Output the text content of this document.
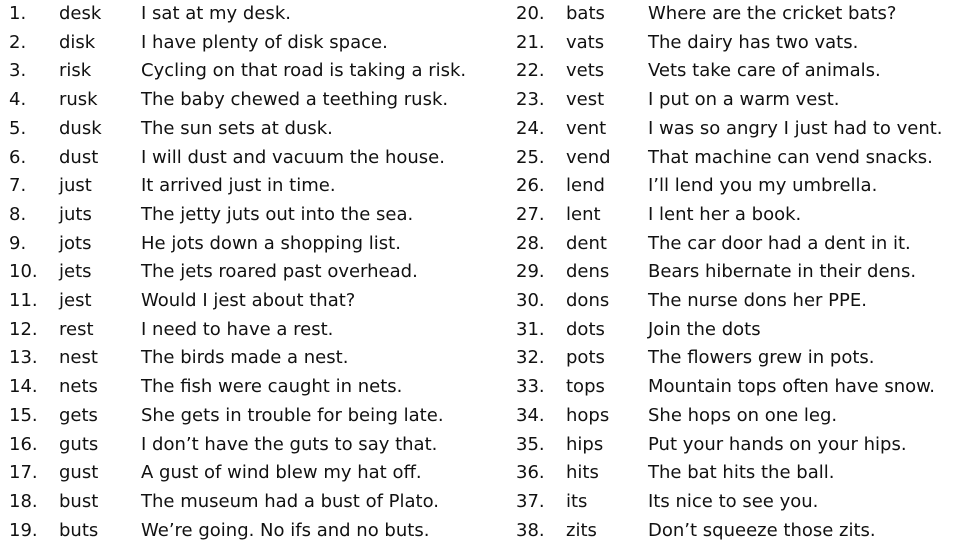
1. desk I sat at my desk.
2. disk	I have plenty of disk space.
3. risk	Cycling on that road is taking a risk.
4. rusk The baby chewed a teething rusk.
5. dusk The sun sets at dusk.
6. dust I will dust and vacuum the house.
7. just	It arrived just in time.
8. juts	The jetty juts out into the sea.
9. jots	He jots down a shopping list.
10. jets	The jets roared past overhead.
11. jest	Would I jest about that?
12. rest	I need to have a rest.
13. nest The birds made a nest.
14. nets The fish were caught in nets.
15. gets She gets in trouble for being late.
16. guts I don’t have the guts to say that.
17. gust A gust of wind blew my hat off.
18. bust The museum had a bust of Plato.
19. buts We’re going. No ifs and no buts.
20. bats Where are the cricket bats?
21. vats The dairy has two vats.
22. vets Vets take care of animals.
23. vest I put on a warm vest.
24. vent I was so angry I just had to vent.
25. vend That machine can vend snacks.
26. lend I’ll lend you my umbrella.
27. lent	I lent her a book.
28. dent The car door had a dent in it.
29. dens Bears hibernate in their dens.
30. dons The nurse dons her PPE.
31. dots Join the dots
32. pots The flowers grew in pots.
33. tops Mountain tops often have snow.
34. hops She hops on one leg.
35. hips Put your hands on your hips.
36. hits	The bat hits the ball.
37. its	Its nice to see you.
38. zits	Don’t squeeze those zits.
